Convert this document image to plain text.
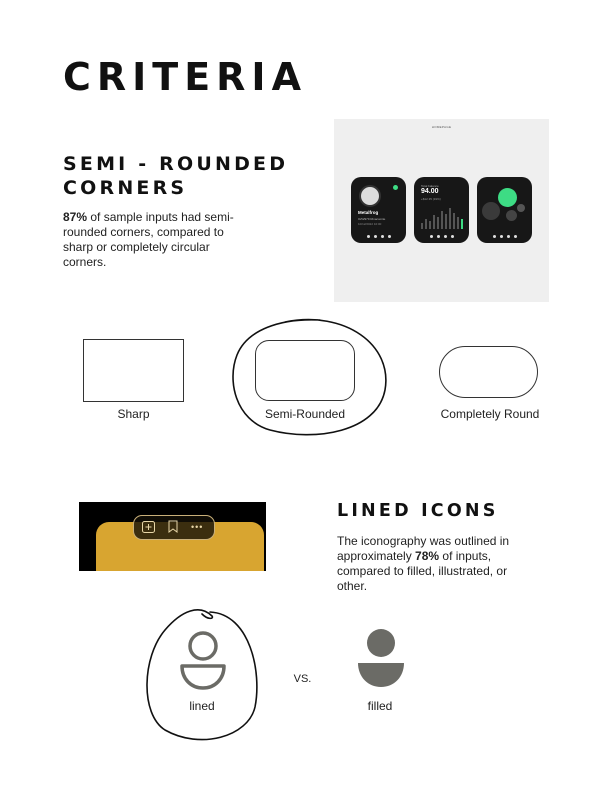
CRITERIA
SEMI - ROUNDED
CORNERS
87% of sample inputs had semi-rounded corners, compared to sharp or completely circular corners.
HOMEPAGE
Metalfrog
0x52979 Rinacomite
10/12/2022 10:00
Total balance
94.00
+$12.35 (19%)
Sharp	Semi-Rounded	Completely Round
•••
LINED ICONS
The iconography was outlined in approximately 78% of inputs, compared to filled, illustrated, or other.
lined
VS.
filled
